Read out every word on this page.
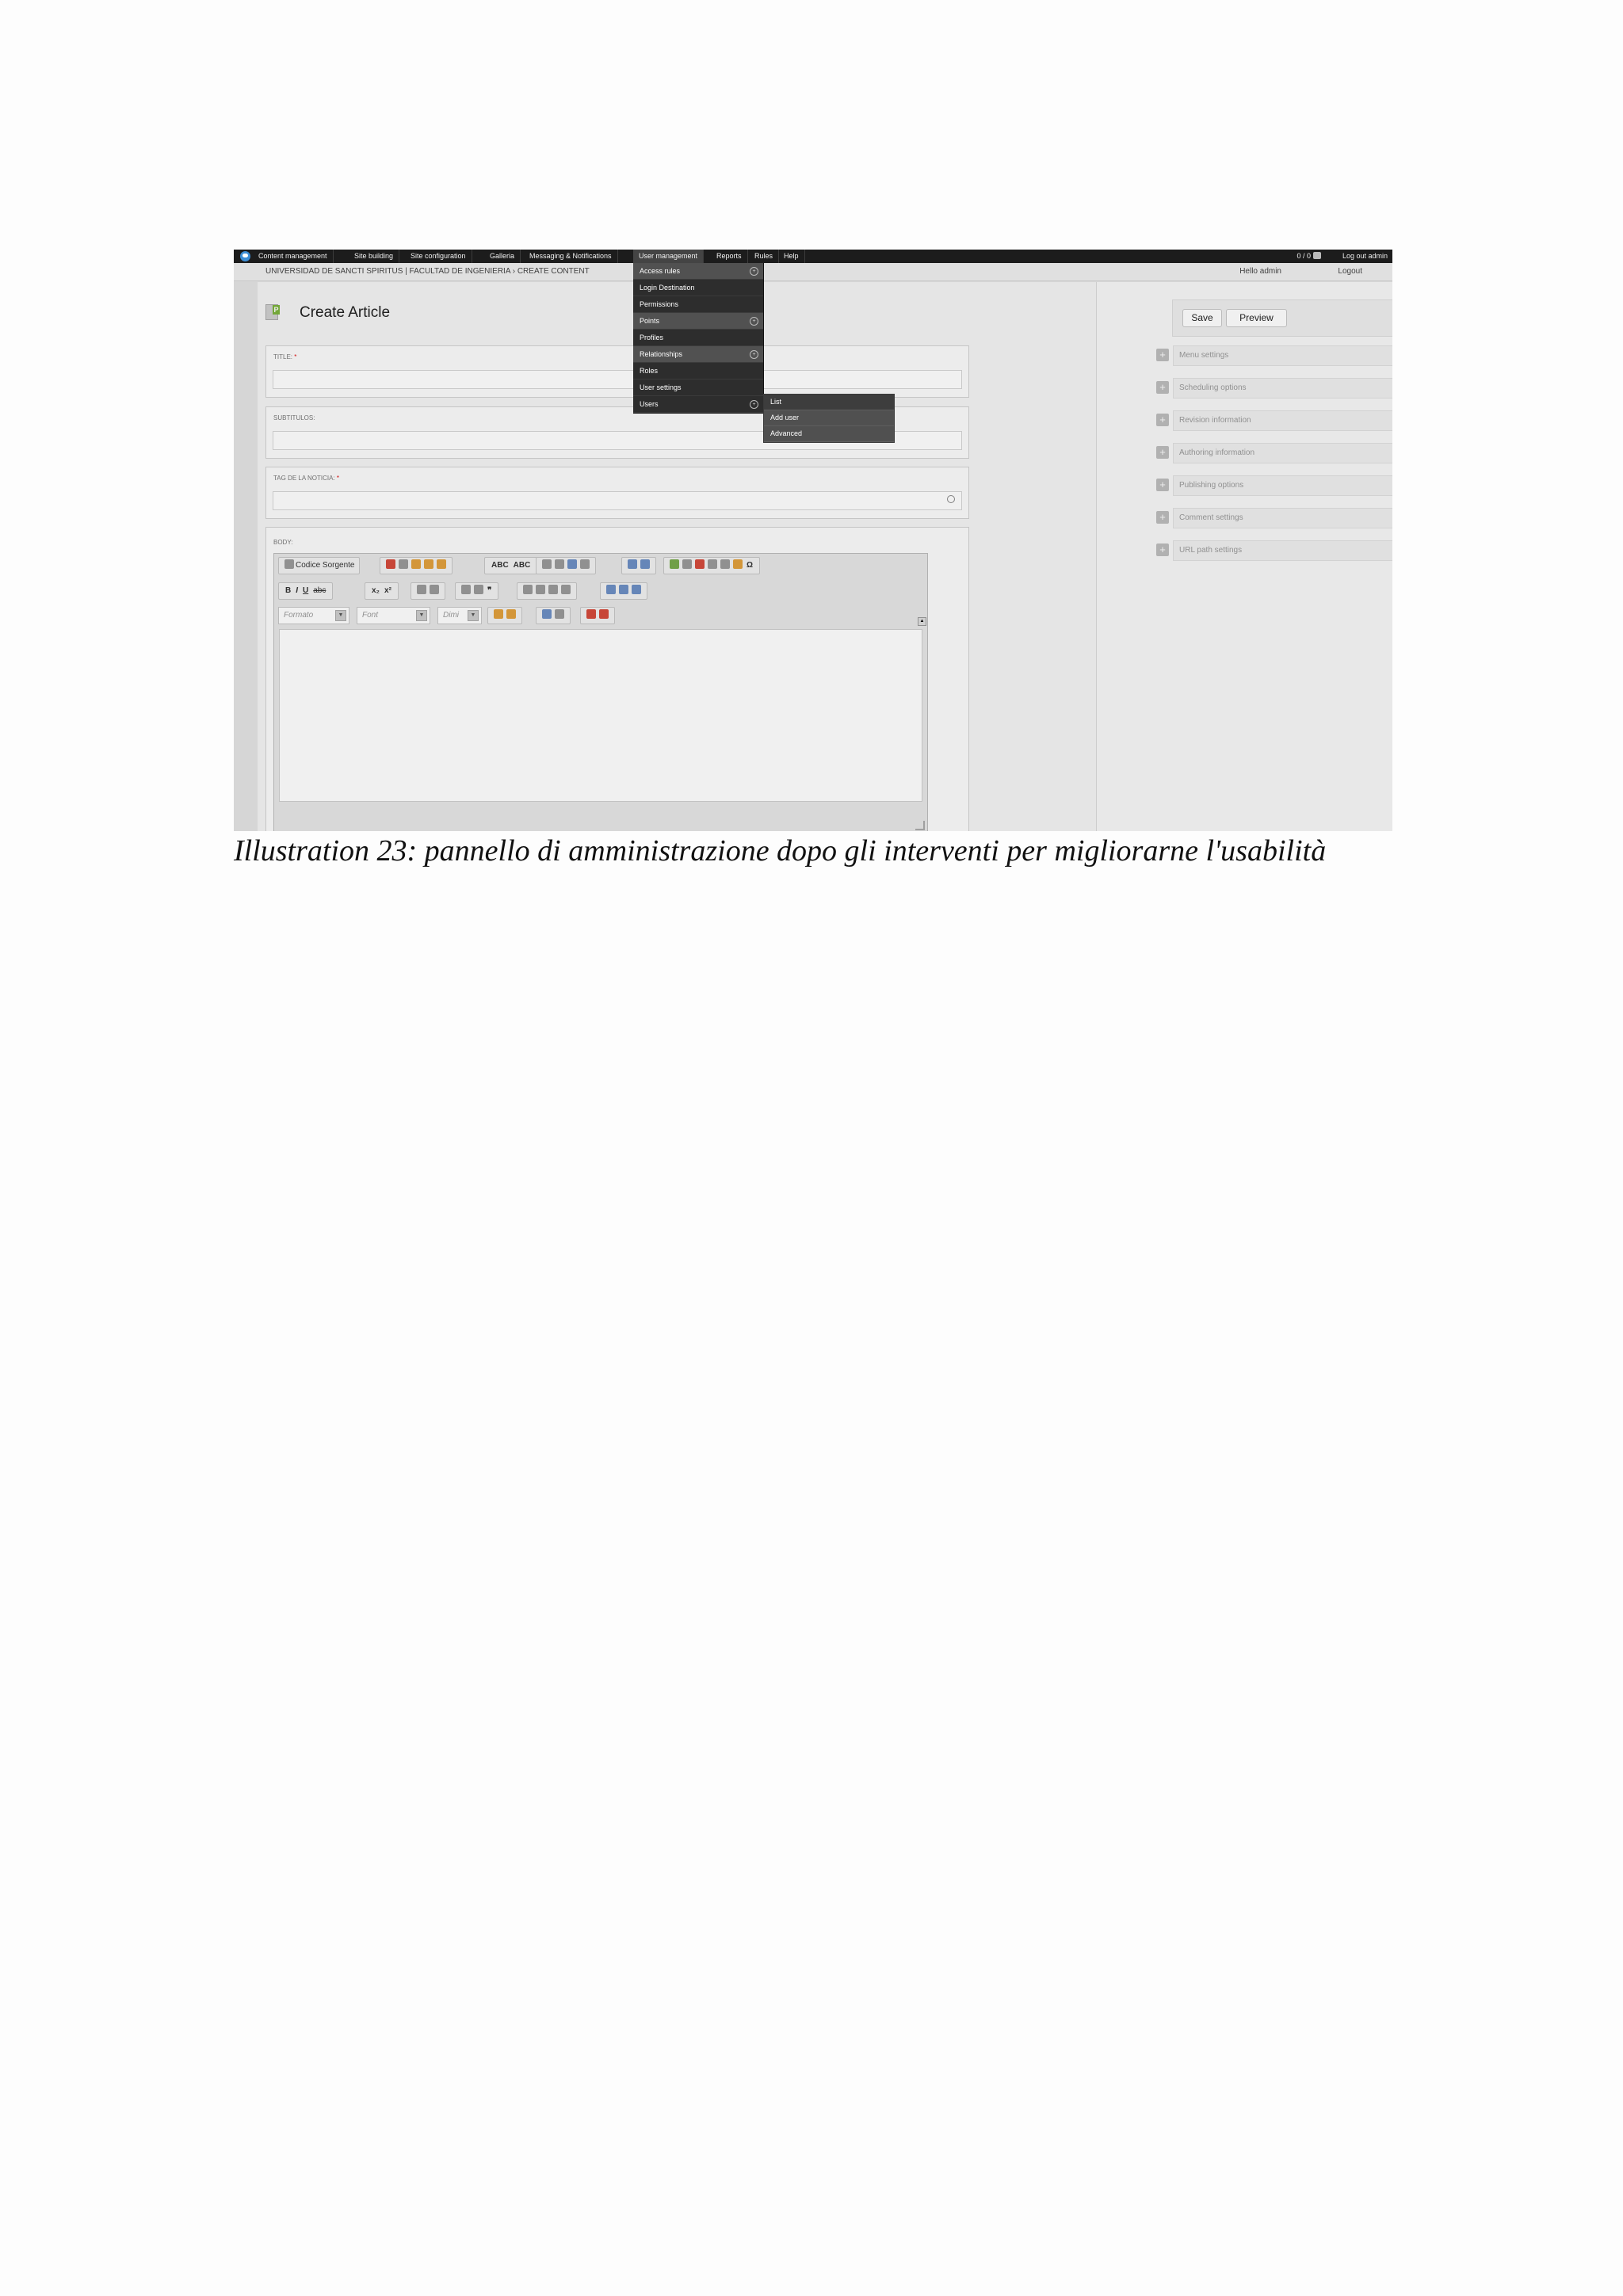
Content management	Site building	Site configuration	Galleria	Messaging & Notifications	User management	Reports	Rules	Help	0 / 0	Log out admin
UNIVERSIDAD DE SANCTI SPIRITUS | FACULTAD DE INGENIERIA › CREATE CONTENT	Hello admin	Logout
P Create Article
TITLE: *
SUBTITULOS:
TAG DE LA NOTICIA: *
BODY:
Codice Sorgente	ABC ABC	Ω
B I U abc	x₂ x²	❞
Formato	▼	Font	▼	Dimi	▼
▲
Save	Preview
+	Menu settings
+	Scheduling options
+	Revision information
+	Authoring information
+	Publishing options
+	Comment settings
+	URL path settings
Access rules	+
Login Destination
Permissions
Points	+
Profiles
Relationships	+
Roles
User settings
Users	+	List
Add user
Advanced
Illustration 23: pannello di amministrazione dopo gli interventi per migliorarne l'usabilità
